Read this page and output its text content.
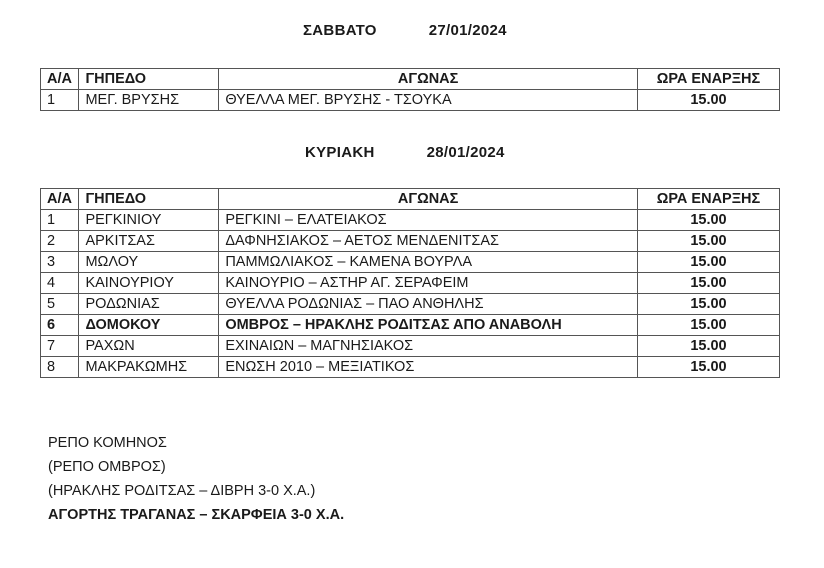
ΣΑΒΒΑΤΟ	27/01/2024
Α/Α	ΓΗΠΕΔΟ	ΑΓΩΝΑΣ	ΩΡΑ ΕΝΑΡΞΗΣ
1	ΜΕΓ. ΒΡΥΣΗΣ	ΘΥΕΛΛΑ ΜΕΓ. ΒΡΥΣΗΣ - ΤΣΟΥΚΑ	15.00
ΚΥΡΙΑΚΗ	28/01/2024
Α/Α	ΓΗΠΕΔΟ	ΑΓΩΝΑΣ	ΩΡΑ ΕΝΑΡΞΗΣ
1	ΡΕΓΚΙΝΙΟΥ	ΡΕΓΚΙΝΙ – ΕΛΑΤΕΙΑΚΟΣ	15.00
2	ΑΡΚΙΤΣΑΣ	ΔΑΦΝΗΣΙΑΚΟΣ – ΑΕΤΟΣ ΜΕΝΔΕΝΙΤΣΑΣ	15.00
3	ΜΩΛΟΥ	ΠΑΜΜΩΛΙΑΚΟΣ – ΚΑΜΕΝΑ ΒΟΥΡΛΑ	15.00
4	ΚΑΙΝΟΥΡΙΟΥ	ΚΑΙΝΟΥΡΙΟ – ΑΣΤΗΡ ΑΓ. ΣΕΡΑΦΕΙΜ	15.00
5	ΡΟΔΩΝΙΑΣ	ΘΥΕΛΛΑ ΡΟΔΩΝΙΑΣ – ΠΑΟ ΑΝΘΗΛΗΣ	15.00
6	ΔΟΜΟΚΟΥ	ΟΜΒΡΟΣ – ΗΡΑΚΛΗΣ ΡΟΔΙΤΣΑΣ ΑΠΟ ΑΝΑΒΟΛΗ	15.00
7	ΡΑΧΩΝ	ΕΧΙΝΑΙΩΝ – ΜΑΓΝΗΣΙΑΚΟΣ	15.00
8	ΜΑΚΡΑΚΩΜΗΣ	ΕΝΩΣΗ 2010 – ΜΕΞΙΑΤΙΚΟΣ	15.00
ΡΕΠΟ ΚΟΜΗΝΟΣ
(ΡΕΠΟ ΟΜΒΡΟΣ)
(ΗΡΑΚΛΗΣ ΡΟΔΙΤΣΑΣ – ΔΙΒΡΗ 3-0 Χ.Α.)
ΑΓΟΡΤΗΣ ΤΡΑΓΑΝΑΣ – ΣΚΑΡΦΕΙΑ 3-0 Χ.Α.
